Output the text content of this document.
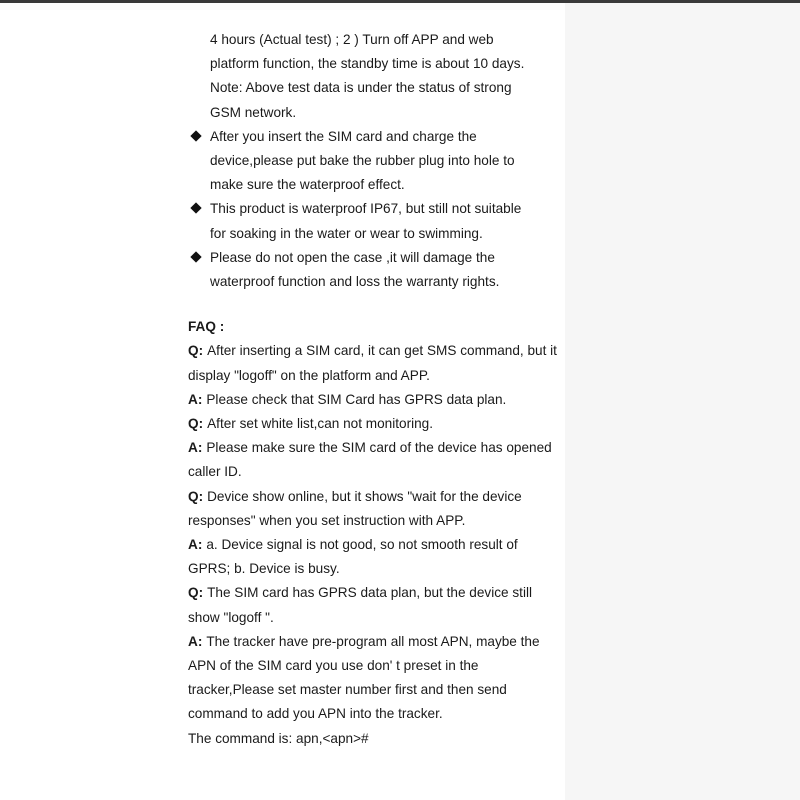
4 hours (Actual test) ; 2 ) Turn off APP and web
platform function, the standby time is about 10 days.
Note: Above test data is under the status of strong
GSM network.
After you insert the SIM card and charge the
device,please put bake the rubber plug into hole to
make sure the waterproof effect.
This product is waterproof IP67, but still not suitable
for soaking in the water or wear to swimming.
Please do not open the case ,it will damage the
waterproof function and loss the warranty rights.
FAQ :

Q: After inserting a SIM card, it can get SMS command, but it display "logoff" on the platform and APP.

A: Please check that SIM Card has GPRS data plan.

Q: After set white list,can not monitoring.

A: Please make sure the SIM card of the device has opened caller ID.

Q: Device show online, but it shows "wait for the device responses" when you set instruction with APP.

A: a. Device signal is not good, so not smooth result of GPRS; b. Device is busy.

Q: The SIM card has GPRS data plan, but the device still show "logoff ".

A: The tracker have pre-program all most APN, maybe the APN of the SIM card you use don' t preset in the tracker,Please set master number first and then send command to add you APN into the tracker.

The command is: apn,<apn>#
